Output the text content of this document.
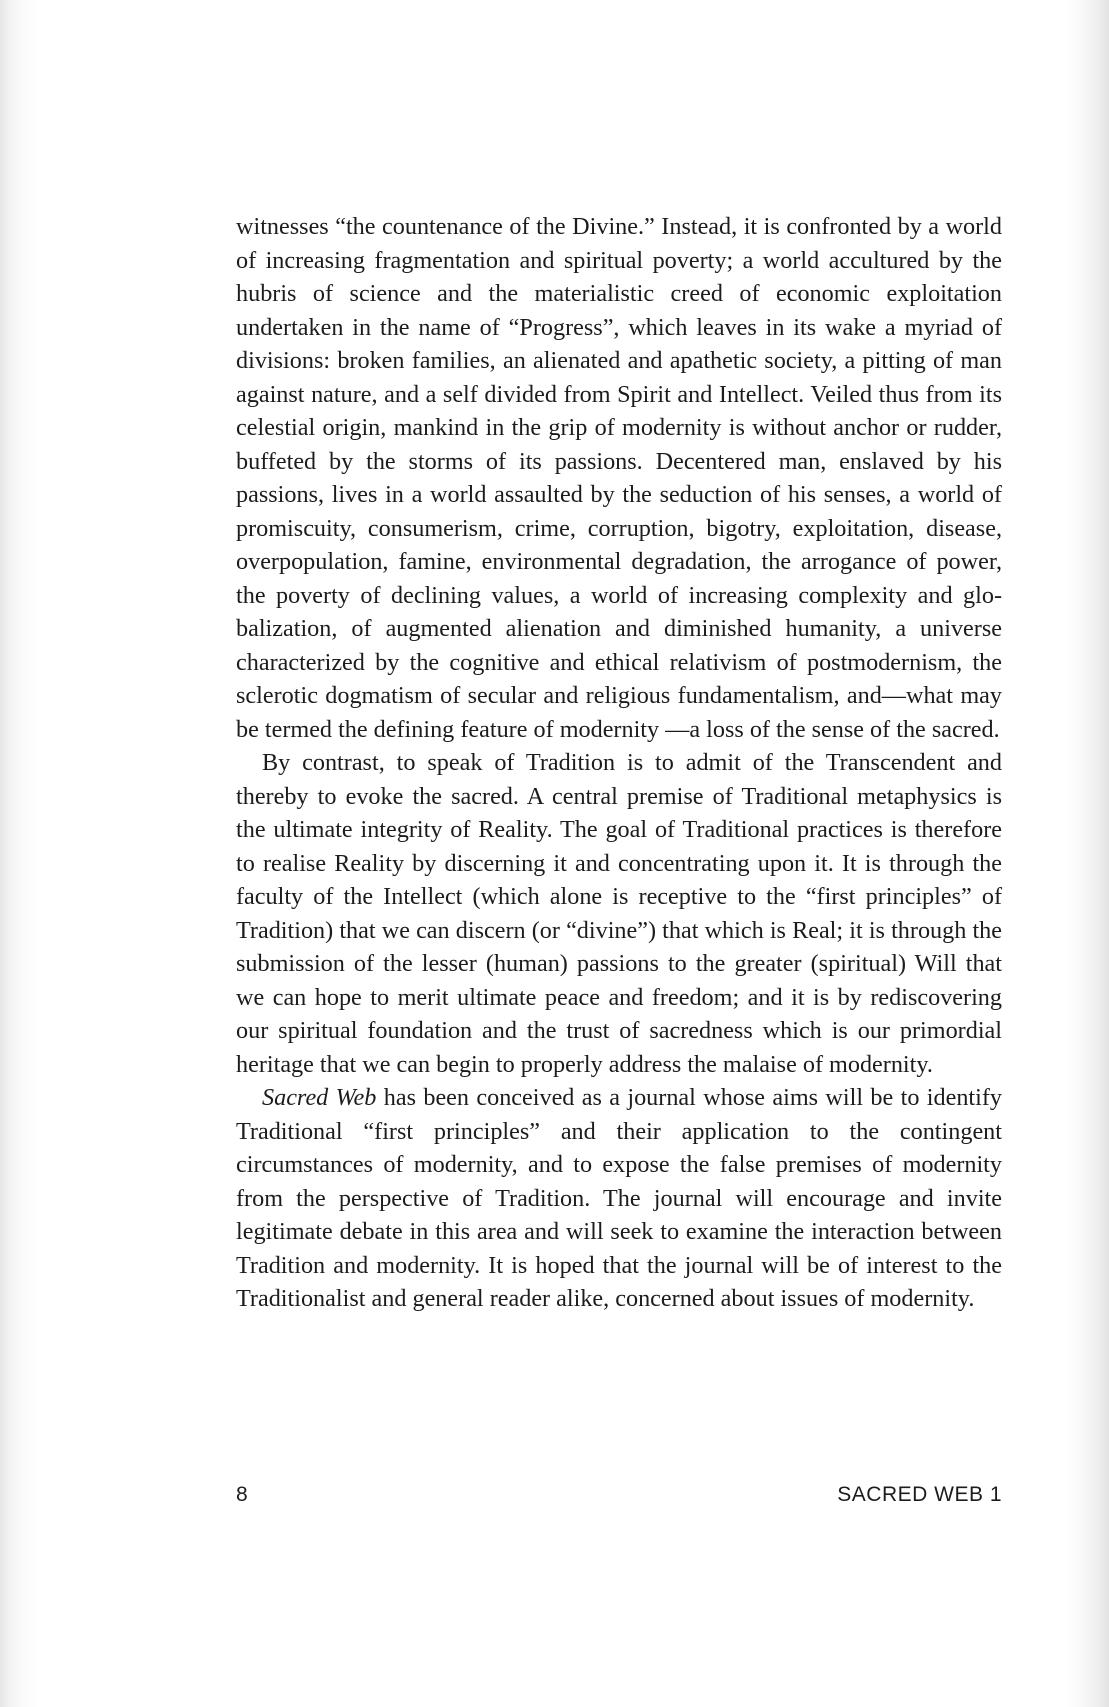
witnesses “the countenance of the Divine.” Instead, it is confronted by a world of increasing fragmentation and spiritual poverty; a world accultured by the hubris of science and the materialistic creed of economic exploitation undertaken in the name of “Progress”, which leaves in its wake a myriad of divisions: broken families, an alienated and apathetic society, a pitting of man against nature, and a self divided from Spirit and Intellect. Veiled thus from its celestial origin, mankind in the grip of modernity is without anchor or rudder, buffeted by the storms of its passions. Decentered man, enslaved by his passions, lives in a world assaulted by the seduction of his senses, a world of promiscuity, consumerism, crime, corruption, bigotry, exploitation, disease, overpopulation, famine, environmental degradation, the arrogance of power, the poverty of declining values, a world of increasing complexity and globalization, of augmented alienation and diminished humanity, a universe characterized by the cognitive and ethical relativism of postmodernism, the sclerotic dogmatism of secular and religious fundamentalism, and—what may be termed the defining feature of modernity —a loss of the sense of the sacred.

By contrast, to speak of Tradition is to admit of the Transcendent and thereby to evoke the sacred. A central premise of Traditional metaphysics is the ultimate integrity of Reality. The goal of Traditional practices is therefore to realise Reality by discerning it and concentrating upon it. It is through the faculty of the Intellect (which alone is receptive to the “first principles” of Tradition) that we can discern (or “divine”) that which is Real; it is through the submission of the lesser (human) passions to the greater (spiritual) Will that we can hope to merit ultimate peace and freedom; and it is by rediscovering our spiritual foundation and the trust of sacredness which is our primordial heritage that we can begin to properly address the malaise of modernity.

Sacred Web has been conceived as a journal whose aims will be to identify Traditional “first principles” and their application to the contingent circumstances of modernity, and to expose the false premises of modernity from the perspective of Tradition. The journal will encourage and invite legitimate debate in this area and will seek to examine the interaction between Tradition and modernity. It is hoped that the journal will be of interest to the Traditionalist and general reader alike, concerned about issues of modernity.

8	SACRED WEB 1
